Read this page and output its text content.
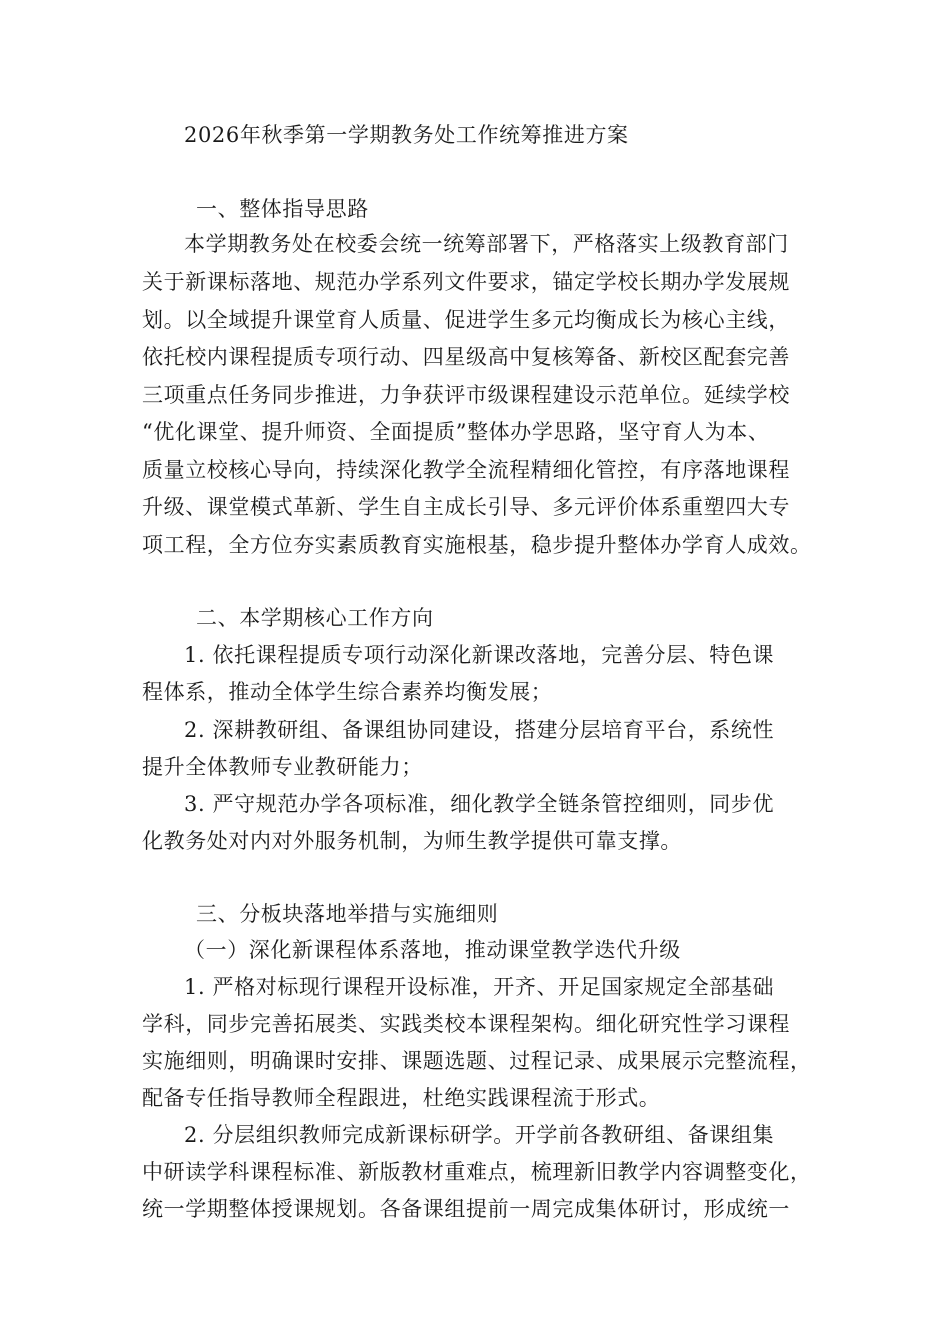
2026年秋季第一学期教务处工作统筹推进方案
一、整体指导思路
本学期教务处在校委会统一统筹部署下，严格落实上级教育部门
关于新课标落地、规范办学系列文件要求，锚定学校长期办学发展规
划。以全域提升课堂育人质量、促进学生多元均衡成长为核心主线，
依托校内课程提质专项行动、四星级高中复核筹备、新校区配套完善
三项重点任务同步推进，力争获评市级课程建设示范单位。延续学校
“优化课堂、提升师资、全面提质”整体办学思路，坚守育人为本、
质量立校核心导向，持续深化教学全流程精细化管控，有序落地课程
升级、课堂模式革新、学生自主成长引导、多元评价体系重塑四大专
项工程，全方位夯实素质教育实施根基，稳步提升整体办学育人成效。
二、本学期核心工作方向
1. 依托课程提质专项行动深化新课改落地，完善分层、特色课
程体系，推动全体学生综合素养均衡发展；
2. 深耕教研组、备课组协同建设，搭建分层培育平台，系统性
提升全体教师专业教研能力；
3. 严守规范办学各项标准，细化教学全链条管控细则，同步优
化教务处对内对外服务机制，为师生教学提供可靠支撑。
三、分板块落地举措与实施细则
（一）深化新课程体系落地，推动课堂教学迭代升级
1. 严格对标现行课程开设标准，开齐、开足国家规定全部基础
学科，同步完善拓展类、实践类校本课程架构。细化研究性学习课程
实施细则，明确课时安排、课题选题、过程记录、成果展示完整流程，
配备专任指导教师全程跟进，杜绝实践课程流于形式。
2. 分层组织教师完成新课标研学。开学前各教研组、备课组集
中研读学科课程标准、新版教材重难点，梳理新旧教学内容调整变化，
统一学期整体授课规划。各备课组提前一周完成集体研讨，形成统一
